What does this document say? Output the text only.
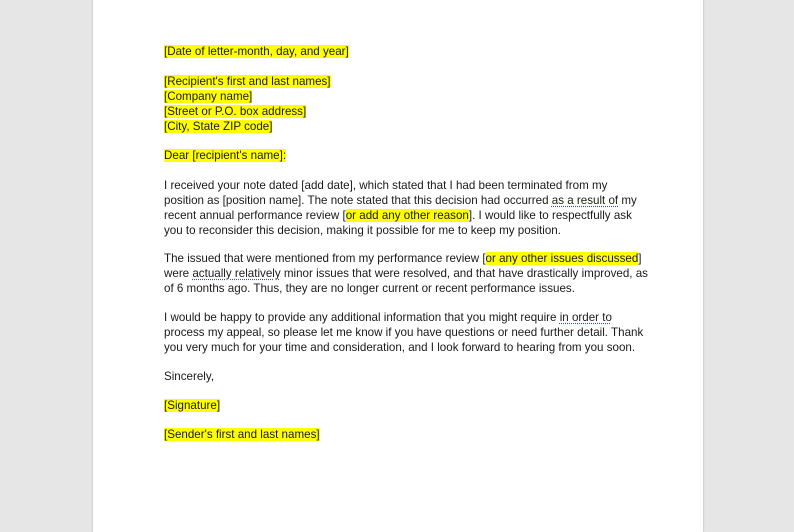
[Date of letter-month, day, and year]
[Recipient's first and last names]
[Company name]
[Street or P.O. box address]
[City, State ZIP code]
Dear [recipient's name]:
I received your note dated [add date], which stated that I had been terminated from my
position as [position name]. The note stated that this decision had occurred as a result of my
recent annual performance review [or add any other reason]. I would like to respectfully ask
you to reconsider this decision, making it possible for me to keep my position.
The issued that were mentioned from my performance review [or any other issues discussed]
were actually relatively minor issues that were resolved, and that have drastically improved, as
of 6 months ago. Thus, they are no longer current or recent performance issues.
I would be happy to provide any additional information that you might require in order to
process my appeal, so please let me know if you have questions or need further detail. Thank
you very much for your time and consideration, and I look forward to hearing from you soon.
Sincerely,
[Signature]
[Sender's first and last names]
